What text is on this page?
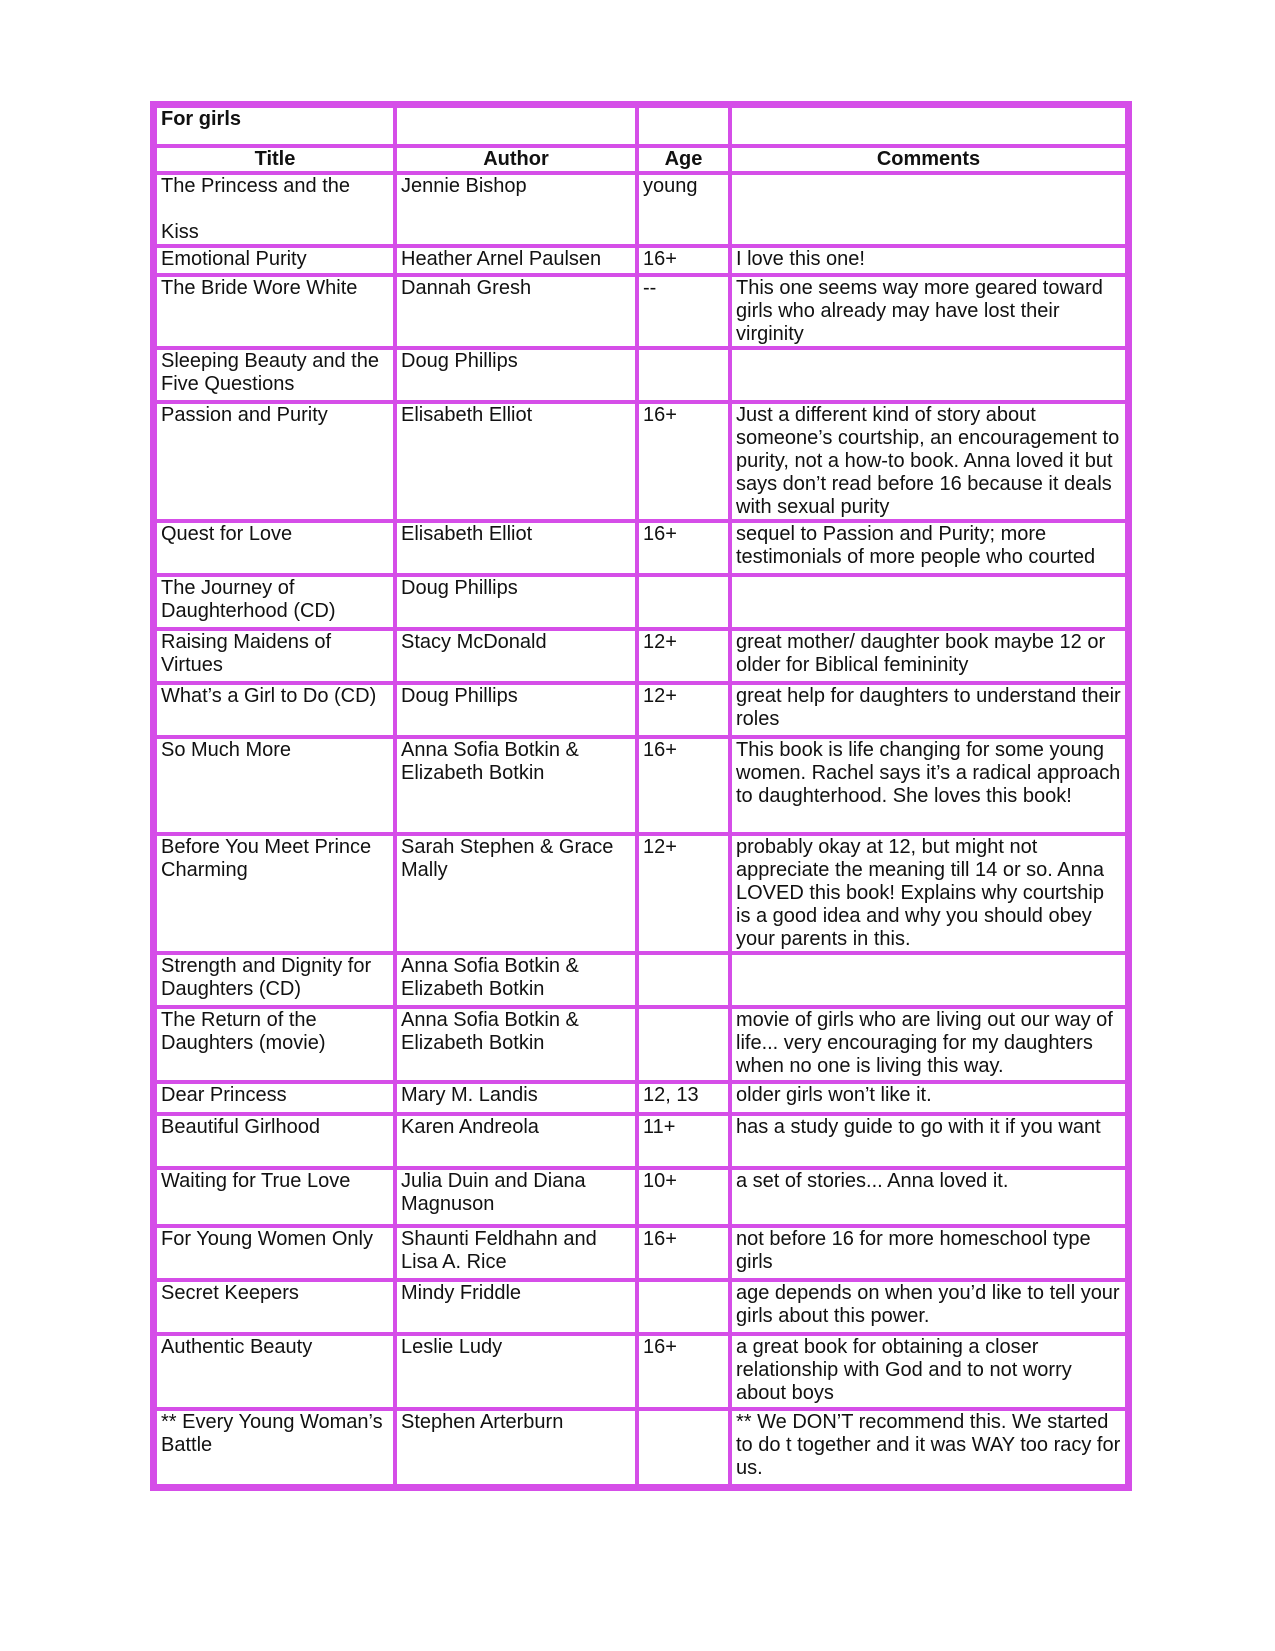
For girls			
Title	Author	Age	Comments
The Princess and the

Kiss	Jennie Bishop	young	
Emotional Purity	Heather Arnel Paulsen	16+	I love this one!
The Bride Wore White	Dannah Gresh	--	This one seems way more geared toward girls who already may have lost their virginity
Sleeping Beauty and the Five Questions	Doug Phillips		
Passion and Purity	Elisabeth Elliot	16+	Just a different kind of story about someone’s courtship, an encouragement to purity, not a how-to book. Anna loved it but says don’t read before 16 because it deals with sexual purity
Quest for Love	Elisabeth Elliot	16+	sequel to Passion and Purity; more testimonials of more people who courted
The Journey of Daughterhood (CD)	Doug Phillips		
Raising Maidens of Virtues	Stacy McDonald	12+	great mother/ daughter book maybe 12 or older for Biblical femininity
What’s a Girl to Do (CD)	Doug Phillips	12+	great help for daughters to understand their roles
So Much More	Anna Sofia Botkin & Elizabeth Botkin	16+	This book is life changing for some young women. Rachel says it’s a radical approach to daughterhood. She loves this book!
Before You Meet Prince Charming	Sarah Stephen & Grace Mally	12+	probably okay at 12, but might not appreciate the meaning till 14 or so. Anna LOVED this book! Explains why courtship is a good idea and why you should obey your parents in this.
Strength and Dignity for Daughters (CD)	Anna Sofia Botkin & Elizabeth Botkin		
The Return of the Daughters (movie)	Anna Sofia Botkin & Elizabeth Botkin		movie of girls who are living out our way of life... very encouraging for my daughters when no one is living this way.
Dear Princess	Mary M. Landis	12, 13	older girls won’t like it.
Beautiful Girlhood	Karen Andreola	11+	has a study guide to go with it if you want
Waiting for True Love	Julia Duin and Diana Magnuson	10+	a set of stories... Anna loved it.
For Young Women Only	Shaunti Feldhahn and Lisa A. Rice	16+	not before 16 for more homeschool type girls
Secret Keepers	Mindy Friddle		age depends on when you’d like to tell your girls about this power.
Authentic Beauty	Leslie Ludy	16+	a great book for obtaining a closer relationship with God and to not worry about boys
** Every Young Woman’s Battle	Stephen Arterburn		** We DON’T recommend this. We started to do t together and it was WAY too racy for us.
